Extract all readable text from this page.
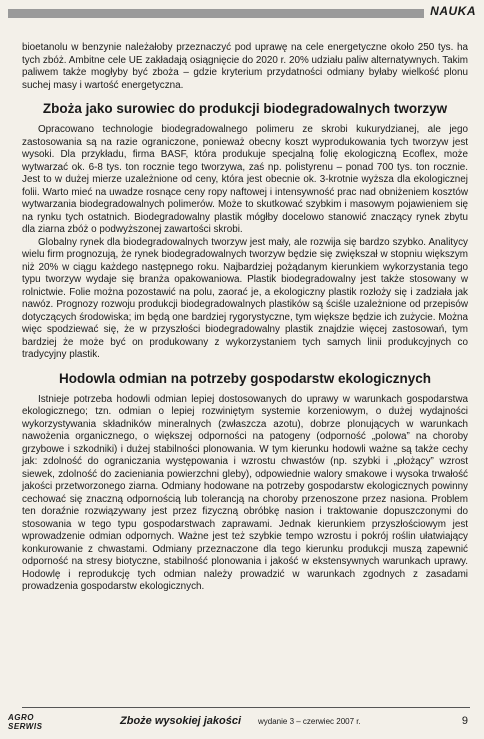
NAUKA

bioetanolu w benzynie należałoby przeznaczyć pod uprawę na cele energetyczne około 250 tys. ha tych zbóż. Ambitne cele UE zakładają osiągnięcie do 2020 r. 20% udziału paliw alternatywnych. Takim paliwem także mogłyby być zboża – gdzie kryterium przydatności odmiany byłaby wielkość plonu suchej masy i wartość energetyczna.

Zboża jako surowiec do produkcji biodegradowalnych tworzyw

Opracowano technologie biodegradowalnego polimeru ze skrobi kukurydzianej, ale jego zastosowania są na razie ograniczone, ponieważ obecny koszt wyprodukowania tych tworzyw jest wysoki. Dla przykładu, firma BASF, która produkuje specjalną folię ekologiczną Ecoflex, może wytwarzać ok. 6-8 tys. ton rocznie tego tworzywa, zaś np. polistyrenu – ponad 700 tys. ton rocznie. Jest to w dużej mierze uzależnione od ceny, która jest obecnie ok. 3-krotnie wyższa dla ekologicznej folii. Warto mieć na uwadze rosnące ceny ropy naftowej i intensywność prac nad obniżeniem kosztów wytwarzania biodegradowalnych polimerów. Może to skutkować szybkim i masowym pojawieniem się na rynku tych ostatnich. Biodegradowalny plastik mógłby docelowo stanowić znaczący rynek zbytu dla ziarna zbóż o podwyższonej zawartości skrobi.

Globalny rynek dla biodegradowalnych tworzyw jest mały, ale rozwija się bardzo szybko. Analitycy wielu firm prognozują, że rynek biodegradowalnych tworzyw będzie się zwiększał w stopniu większym niż 20% w ciągu każdego następnego roku. Najbardziej pożądanym kierunkiem wykorzystania tego typu tworzyw wydaje się branża opakowaniowa. Plastik biodegradowalny jest także stosowany w rolnictwie. Folie można pozostawić na polu, zaorać je, a ekologiczny plastik rozłoży się i zadziała jak nawóz. Prognozy rozwoju produkcji biodegradowalnych plastików są ściśle uzależnione od przepisów dotyczących środowiska; im będą one bardziej rygorystyczne, tym większe będzie ich zużycie. Można więc spodziewać się, że w przyszłości biodegradowalny plastik znajdzie więcej zastosowań, tym bardziej że może być on produkowany z wykorzystaniem tych samych linii produkcyjnych co tradycyjny plastik.

Hodowla odmian na potrzeby gospodarstw ekologicznych

Istnieje potrzeba hodowli odmian lepiej dostosowanych do uprawy w warunkach gospodarstwa ekologicznego; tzn. odmian o lepiej rozwiniętym systemie korzeniowym, o dużej wydajności wykorzystywania składników mineralnych (zwłaszcza azotu), dobrze plonujących w warunkach nawożenia organicznego, o większej odporności na patogeny (odporność „polowa” na choroby grzybowe i szkodniki) i dużej stabilności plonowania. W tym kierunku hodowli ważne są także cechy jak: zdolność do ograniczania występowania i wzrostu chwastów (np. szybki i „płożący” wzrost siewek, zdolność do zacieniania powierzchni gleby), odpowiednie walory smakowe i wysoka trwałość jakości przetworzonego ziarna. Odmiany hodowane na potrzeby gospodarstw ekologicznych powinny cechować się znaczną odpornością lub tolerancją na choroby przenoszone przez nasiona. Problem ten doraźnie rozwiązywany jest przez fizyczną obróbkę nasion i traktowanie dopuszczonymi do stosowania w tego typu gospodarstwach zaprawami. Jednak kierunkiem przyszłościowym jest wprowadzenie odmian odpornych. Ważne jest też szybkie tempo wzrostu i pokrój roślin ułatwiający konkurowanie z chwastami. Odmiany przeznaczone dla tego kierunku produkcji muszą zapewnić odporność na stresy biotyczne, stabilność plonowania i jakość w ekstensywnych warunkach uprawy. Hodowlę i reprodukcję tych odmian należy prowadzić w warunkach zgodnych z zasadami prowadzenia gospodarstw ekologicznych.

AGRO
SERWIS	Zboże wysokiej jakości wydanie 3 – czerwiec 2007 r.	9
